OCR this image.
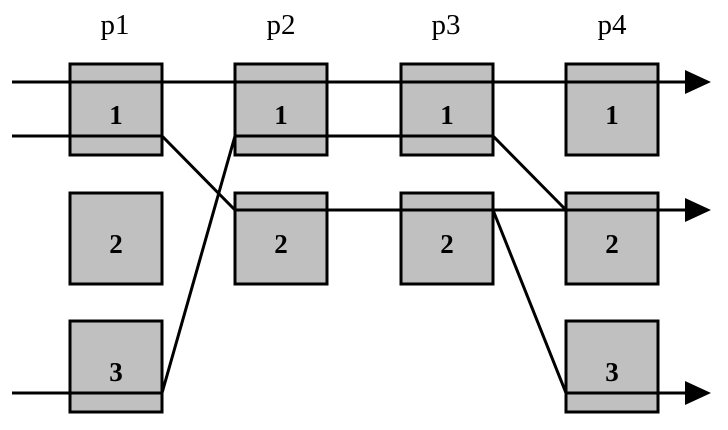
p1	p2	p3	p4
1
2
3
1
2
1
2
1
2
3
